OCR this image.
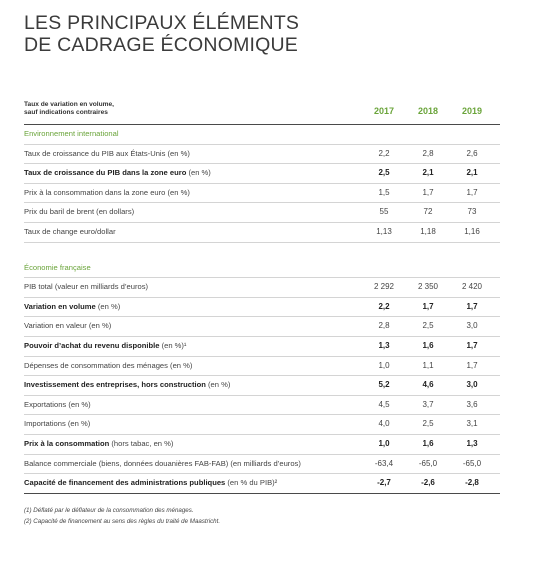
LES PRINCIPAUX ÉLÉMENTS
DE CADRAGE ÉCONOMIQUE
Taux de variation en volume,
sauf indications contraires	2017	2018	2019
Environnement international
Taux de croissance du PIB aux États-Unis (en %)	2,2	2,8	2,6
Taux de croissance du PIB dans la zone euro (en %)	2,5	2,1	2,1
Prix à la consommation dans la zone euro (en %)	1,5	1,7	1,7
Prix du baril de brent (en dollars)	55	72	73
Taux de change euro/dollar	1,13	1,18	1,16
Économie française
PIB total (valeur en milliards d’euros)	2 292	2 350	2 420
Variation en volume (en %)	2,2	1,7	1,7
Variation en valeur (en %)	2,8	2,5	3,0
Pouvoir d’achat du revenu disponible (en %)¹	1,3	1,6	1,7
Dépenses de consommation des ménages (en %)	1,0	1,1	1,7
Investissement des entreprises, hors construction (en %)	5,2	4,6	3,0
Exportations (en %)	4,5	3,7	3,6
Importations (en %)	4,0	2,5	3,1
Prix à la consommation (hors tabac, en %)	1,0	1,6	1,3
Balance commerciale (biens, données douanières FAB-FAB) (en milliards d’euros)	-63,4	-65,0	-65,0
Capacité de financement des administrations publiques (en % du PIB)²	-2,7	-2,6	-2,8
(1) Déflaté par le déflateur de la consommation des ménages.
(2) Capacité de financement au sens des règles du traité de Maastricht.
